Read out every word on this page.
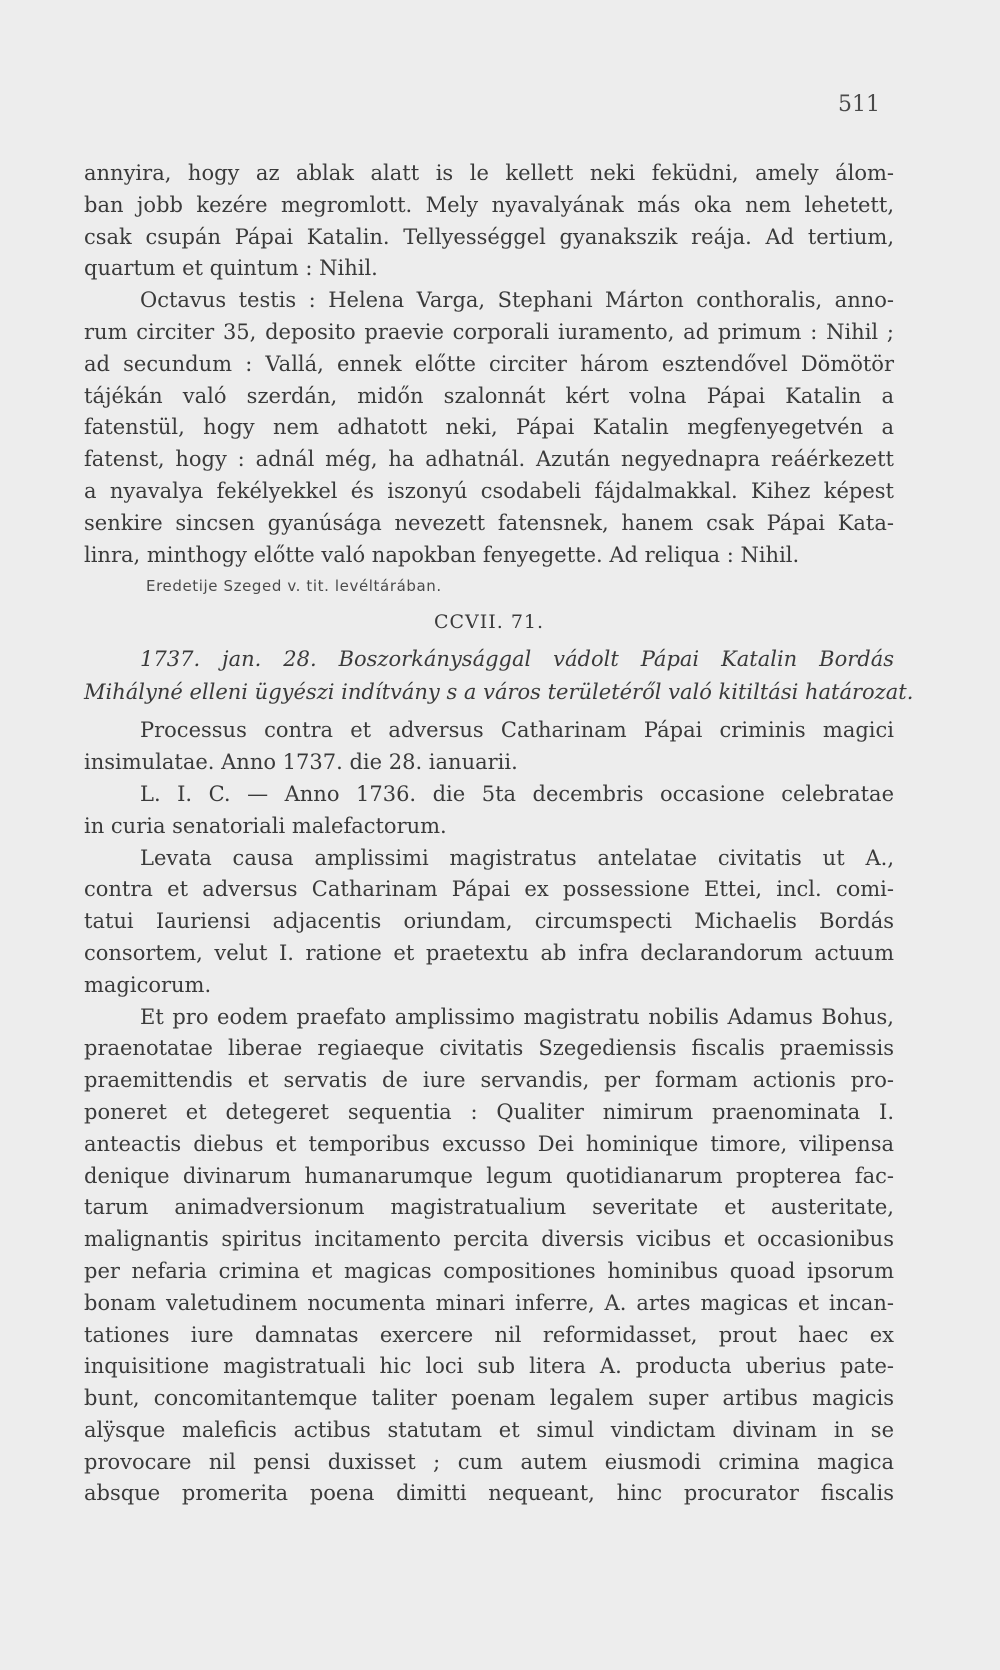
511
annyira, hogy az ablak alatt is le kellett neki feküdni, amely álom-
ban jobb kezére megromlott. Mely nyavalyának más oka nem lehetett,
csak csupán Pápai Katalin. Tellyességgel gyanakszik reája. Ad tertium,
quartum et quintum : Nihil.
Octavus testis : Helena Varga, Stephani Márton conthoralis, anno-
rum circiter 35, deposito praevie corporali iuramento, ad primum : Nihil ;
ad secundum : Vallá, ennek előtte circiter három esztendővel Dömötör
tájékán való szerdán, midőn szalonnát kért volna Pápai Katalin a
fatenstül, hogy nem adhatott neki, Pápai Katalin megfenyegetvén a
fatenst, hogy : adnál még, ha adhatnál. Azután negyednapra reáérkezett
a nyavalya fekélyekkel és iszonyú csodabeli fájdalmakkal. Kihez képest
senkire sincsen gyanúsága nevezett fatensnek, hanem csak Pápai Kata-
linra, minthogy előtte való napokban fenyegette. Ad reliqua : Nihil.
Eredetije Szeged v. tit. levéltárában.
CCVII. 71.
1737. jan. 28. Boszorkánysággal vádolt Pápai Katalin Bordás
Mihályné elleni ügyészi indítvány s a város területéről való kitiltási határozat.
Processus contra et adversus Catharinam Pápai criminis magici
insimulatae. Anno 1737. die 28. ianuarii.
L. I. C. — Anno 1736. die 5ta decembris occasione celebratae
in curia senatoriali malefactorum.
Levata causa amplissimi magistratus antelatae civitatis ut A.,
contra et adversus Catharinam Pápai ex possessione Ettei, incl. comi-
tatui Iauriensi adjacentis oriundam, circumspecti Michaelis Bordás
consortem, velut I. ratione et praetextu ab infra declarandorum actuum
magicorum.
Et pro eodem praefato amplissimo magistratu nobilis Adamus Bohus,
praenotatae liberae regiaeque civitatis Szegediensis fiscalis praemissis
praemittendis et servatis de iure servandis, per formam actionis pro-
poneret et detegeret sequentia : Qualiter nimirum praenominata I.
anteactis diebus et temporibus excusso Dei hominique timore, vilipensa
denique divinarum humanarumque legum quotidianarum propterea fac-
tarum animadversionum magistratualium severitate et austeritate,
malignantis spiritus incitamento percita diversis vicibus et occasionibus
per nefaria crimina et magicas compositiones hominibus quoad ipsorum
bonam valetudinem nocumenta minari inferre, A. artes magicas et incan-
tationes iure damnatas exercere nil reformidasset, prout haec ex
inquisitione magistratuali hic loci sub litera A. producta uberius pate-
bunt, concomitantemque taliter poenam legalem super artibus magicis
alÿsque maleficis actibus statutam et simul vindictam divinam in se
provocare nil pensi duxisset ; cum autem eiusmodi crimina magica
absque promerita poena dimitti nequeant, hinc procurator fiscalis
